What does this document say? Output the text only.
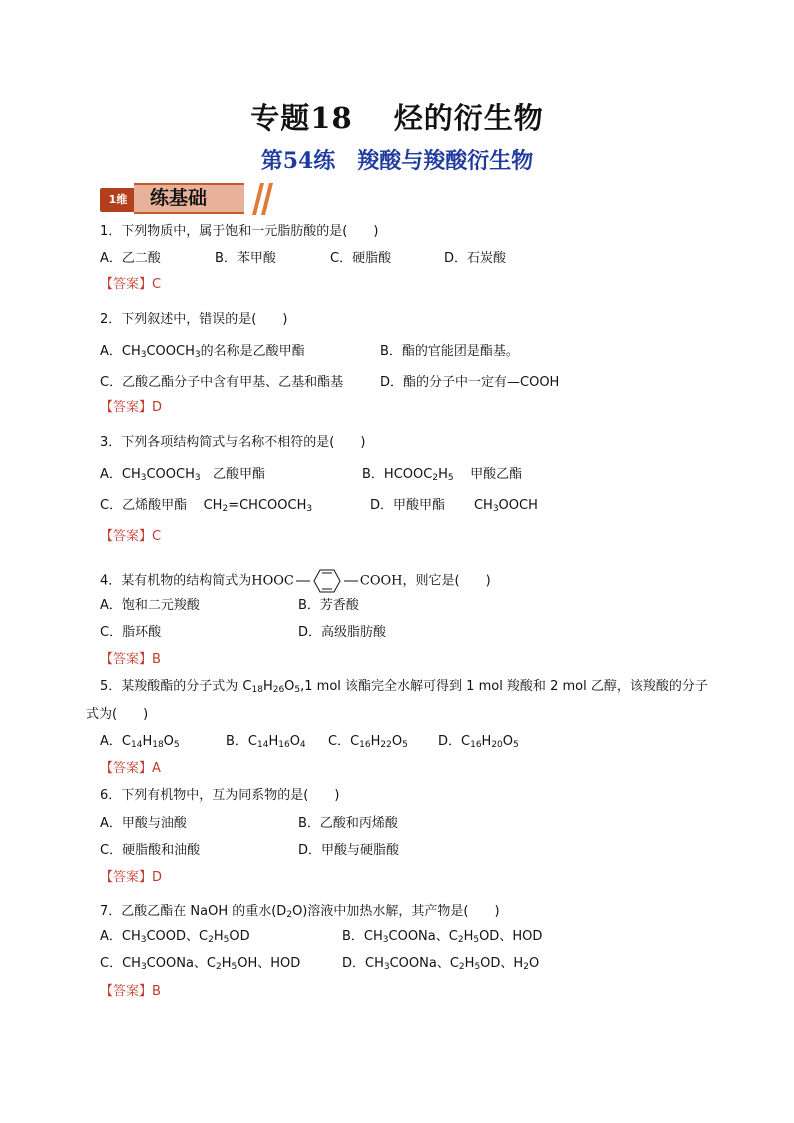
专题18　 烃的衍生物
第54练　羧酸与羧酸衍生物
1维	练基础
1．下列物质中，属于饱和一元脂肪酸的是(　　)
A．乙二酸	B．苯甲酸	C．硬脂酸	D．石炭酸
【答案】C
2．下列叙述中，错误的是(　　)
A．$CH_3COOCH_3$的名称是乙酸甲酯	B．酯的官能团是酯基。
C．乙酸乙酯分子中含有甲基、乙基和酯基	D．酯的分子中一定有—COOH
【答案】D
3．下列各项结构简式与名称不相符的是(　　)
A．$CH_3COOCH_3$ 乙酸甲酯	B．$HCOOC_2H_5$ 甲酸乙酯
C．乙烯酸甲酯 $CH_2=CHCOOCH_3$	D．甲酸甲酯 $CH_3OOCH$
【答案】C
4．某有机物的结构简式为HOOC	COOH，则它是(　　)
A．饱和二元羧酸	B．芳香酸
C．脂环酸	D．高级脂肪酸
【答案】B
5．某羧酸酯的分子式为 $C_{18}H_{26}O_5,1$ mol 该酯完全水解可得到 1 mol 羧酸和 2 mol 乙醇，该羧酸的分子
式为(　　)
A．$C_{14}H_{18}O_5$	B．$C_{14}H_{16}O_4$ C．$C_{16}H_{22}O_5$ D．$C_{16}H_{20}O_5$
【答案】A
6．下列有机物中，互为同系物的是(　　)
A．甲酸与油酸	B．乙酸和丙烯酸
C．硬脂酸和油酸	D．甲酸与硬脂酸
【答案】D
7．乙酸乙酯在 NaOH 的重水$(D_2O)$溶液中加热水解，其产物是(　　)
A．$CH_3COOD$、$C_2H_5OD$	B．$CH_3COONa$、$C_2H_5OD$、HOD
C．$CH_3COONa$、$C_2H_5OH$、HOD	D．$CH_3COONa$、$C_2H_5OD$、$H_2O$
【答案】B
